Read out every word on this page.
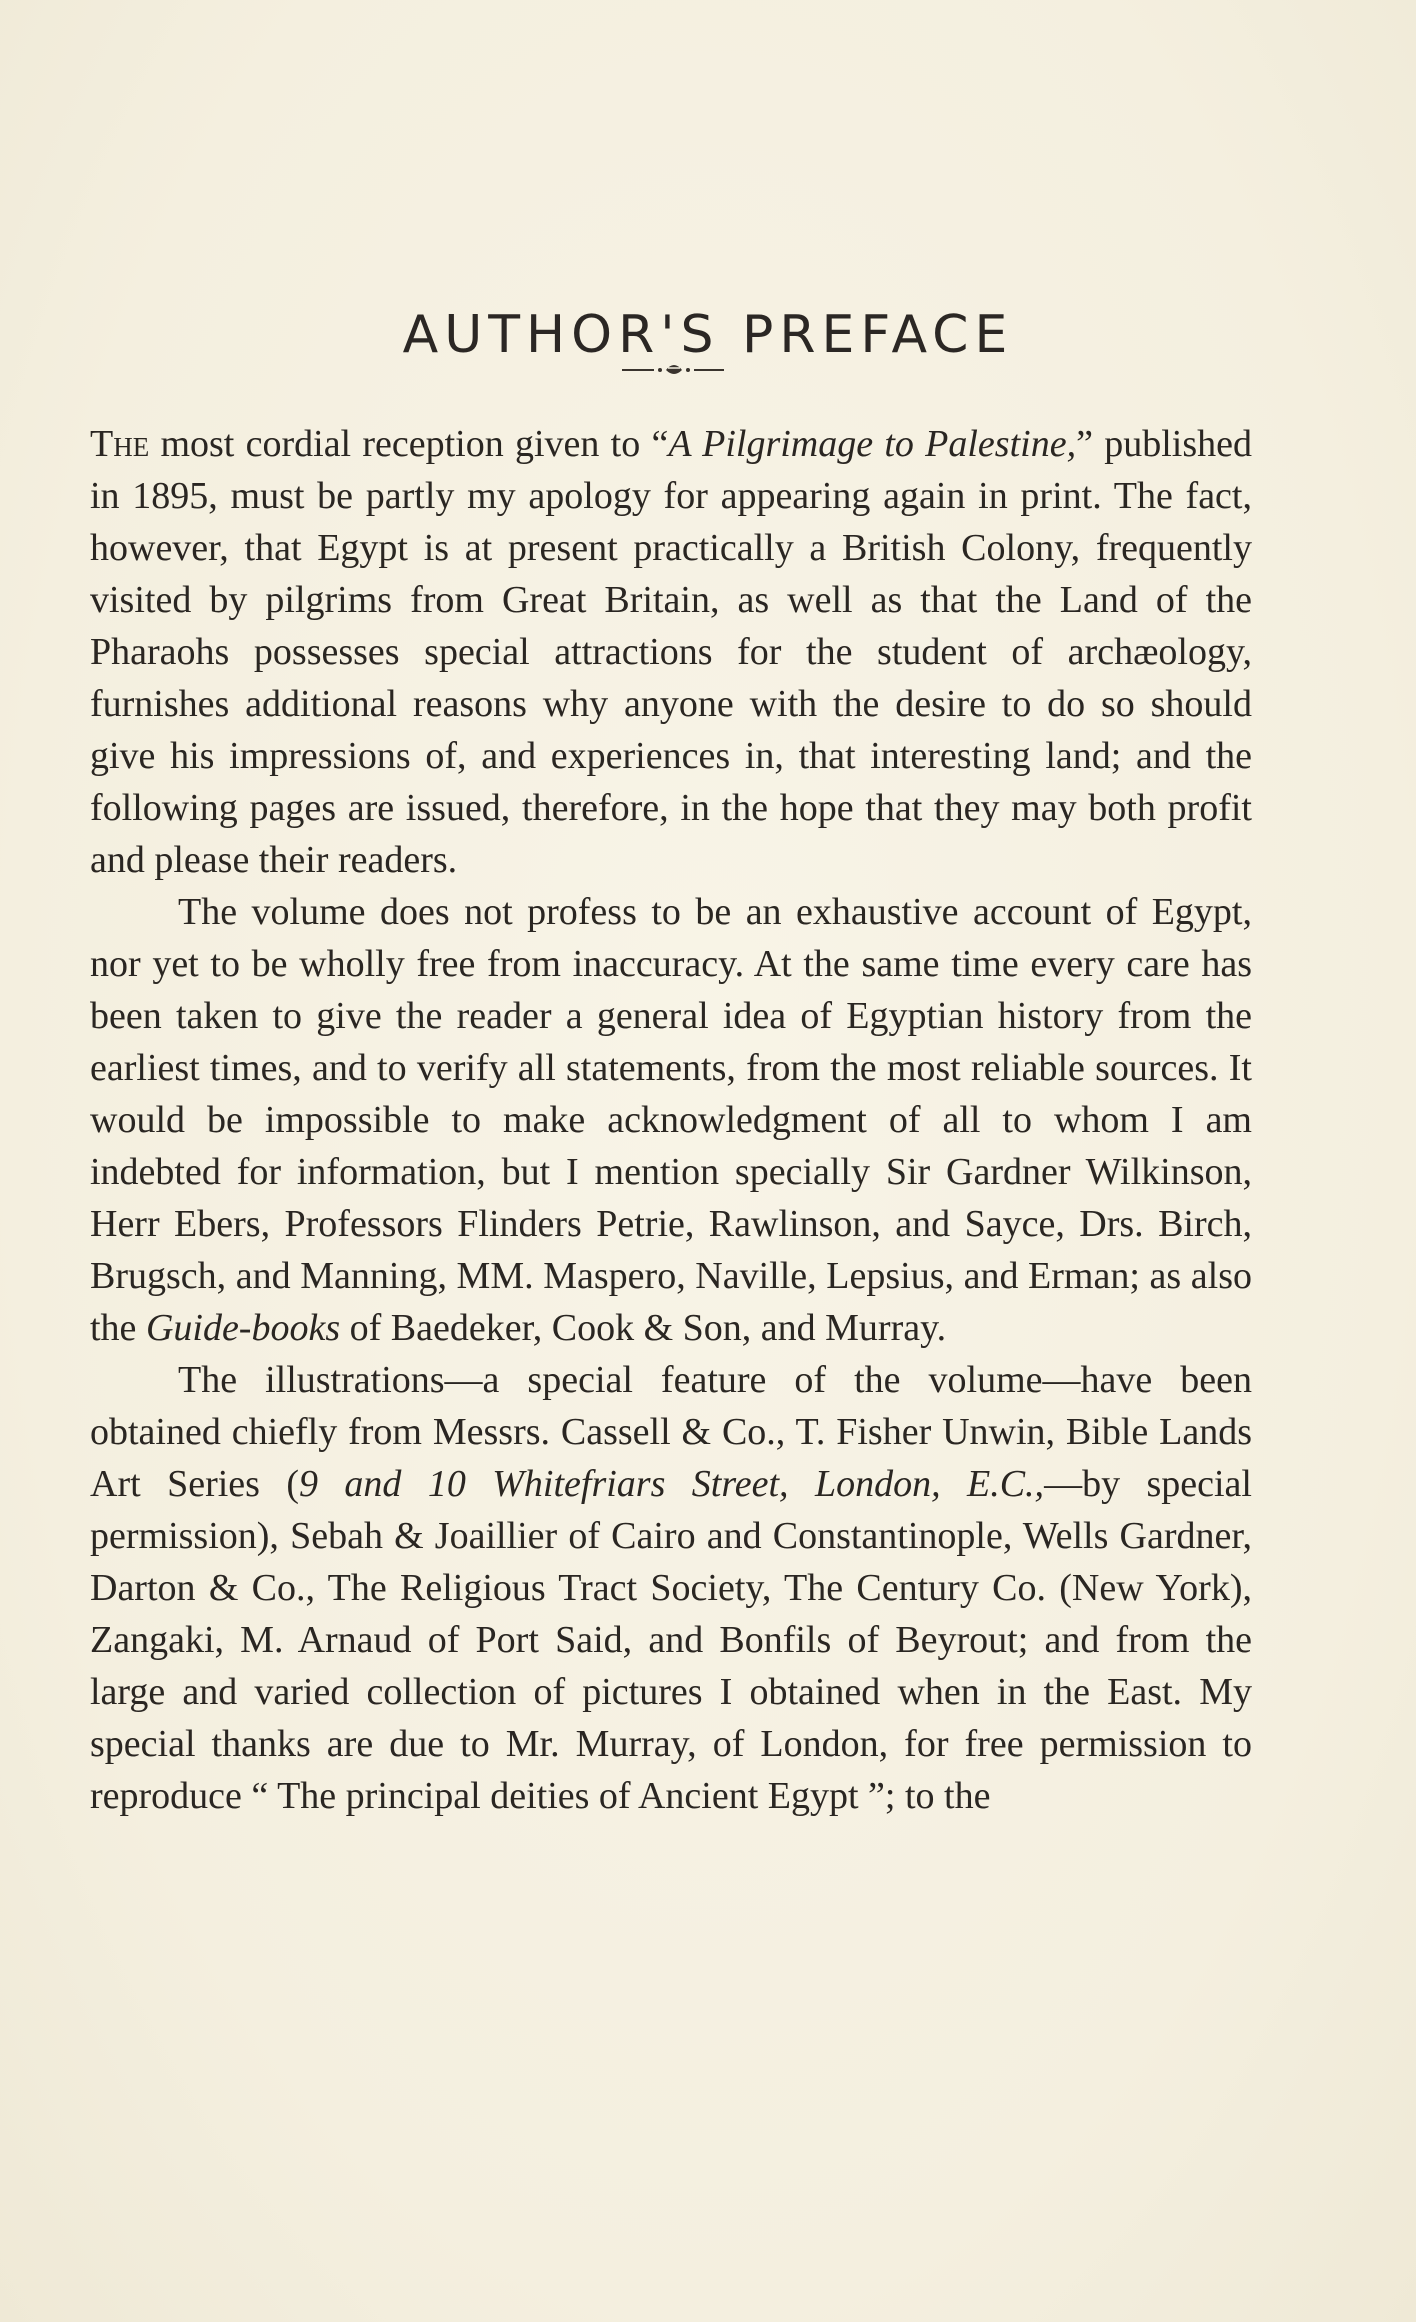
AUTHOR'S PREFACE

The most cordial reception given to “A Pilgrimage to Palestine,” published in 1895, must be partly my apology for appearing again in print. The fact, however, that Egypt is at present practically a British Colony, frequently visited by pilgrims from Great Britain, as well as that the Land of the Pharaohs possesses special attractions for the student of archæology, furnishes additional reasons why anyone with the desire to do so should give his impressions of, and experiences in, that interesting land; and the following pages are issued, therefore, in the hope that they may both profit and please their readers.

The volume does not profess to be an exhaustive account of Egypt, nor yet to be wholly free from inaccuracy. At the same time every care has been taken to give the reader a general idea of Egyptian history from the earliest times, and to verify all statements, from the most reliable sources. It would be impossible to make acknowledgment of all to whom I am indebted for information, but I mention specially Sir Gardner Wilkinson, Herr Ebers, Professors Flinders Petrie, Rawlinson, and Sayce, Drs. Birch, Brugsch, and Manning, MM. Maspero, Naville, Lepsius, and Erman; as also the Guide-books of Baedeker, Cook & Son, and Murray.

The illustrations—a special feature of the volume—have been obtained chiefly from Messrs. Cassell & Co., T. Fisher Unwin, Bible Lands Art Series (9 and 10 Whitefriars Street, London, E.C.,—by special permission), Sebah & Joaillier of Cairo and Constantinople, Wells Gardner, Darton & Co., The Religious Tract Society, The Century Co. (New York), Zangaki, M. Arnaud of Port Said, and Bonfils of Beyrout; and from the large and varied collection of pictures I obtained when in the East. My special thanks are due to Mr. Murray, of London, for free permission to reproduce “ The principal deities of Ancient Egypt ”; to the
